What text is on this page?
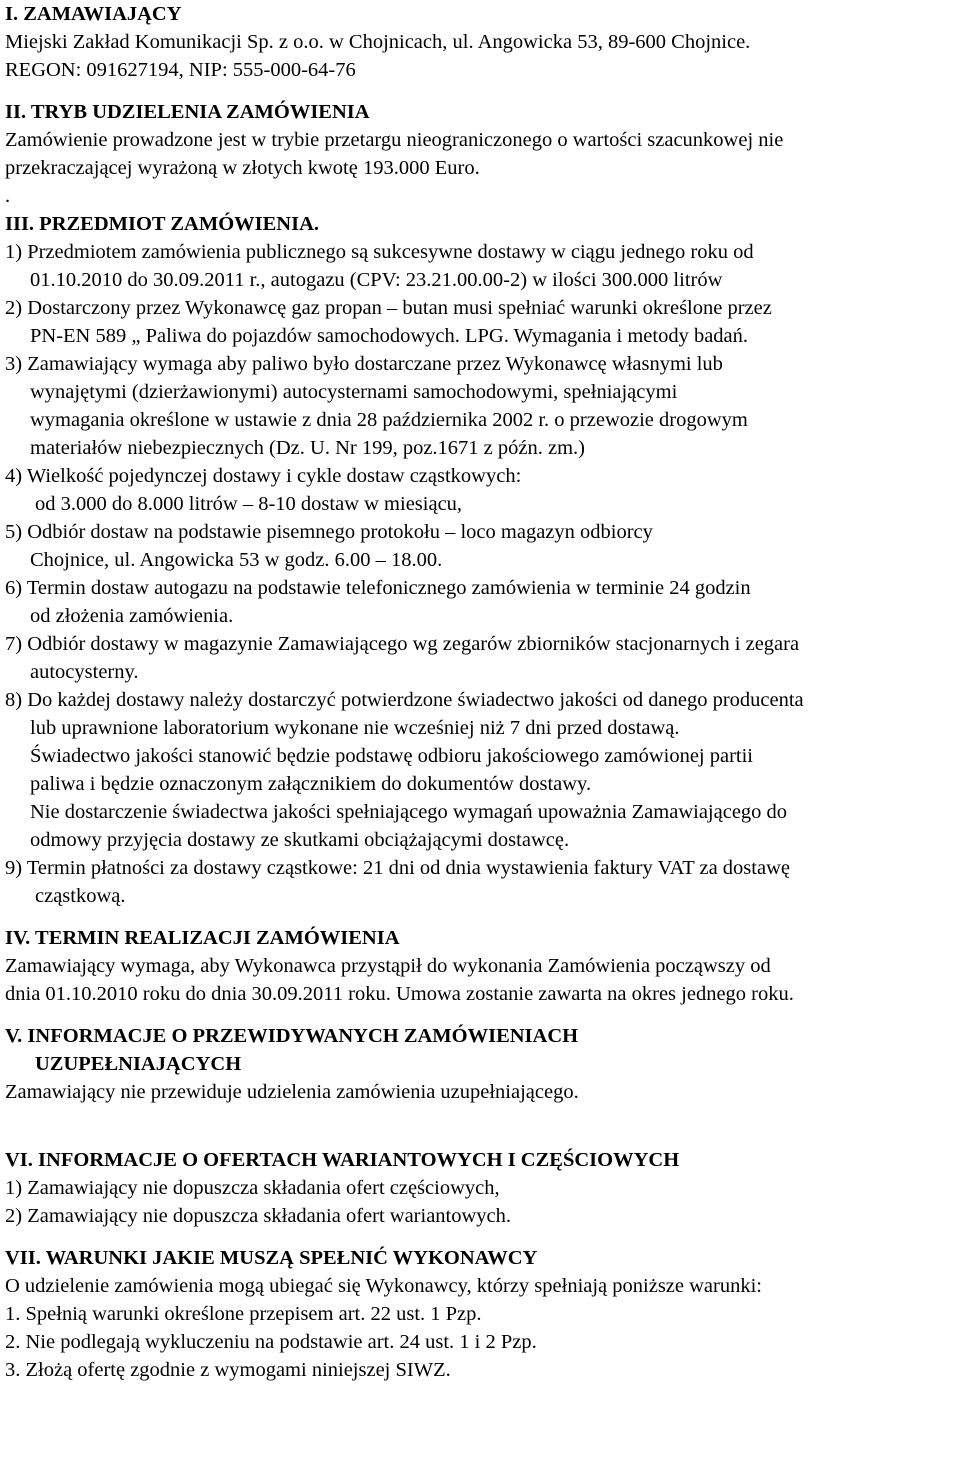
I. ZAMAWIAJĄCY
Miejski Zakład Komunikacji Sp. z o.o. w Chojnicach, ul. Angowicka 53, 89-600 Chojnice.
REGON: 091627194, NIP: 555-000-64-76
II. TRYB UDZIELENIA ZAMÓWIENIA
Zamówienie prowadzone jest w trybie przetargu nieograniczonego o wartości szacunkowej nie
przekraczającej wyrażoną w złotych kwotę 193.000 Euro.
.
III. PRZEDMIOT ZAMÓWIENIA.
1) Przedmiotem zamówienia publicznego są sukcesywne dostawy w ciągu jednego roku od
01.10.2010 do 30.09.2011 r., autogazu (CPV: 23.21.00.00-2) w ilości 300.000 litrów
2) Dostarczony przez Wykonawcę gaz propan – butan musi spełniać warunki określone przez
PN-EN 589 „ Paliwa do pojazdów samochodowych. LPG. Wymagania i metody badań.
3) Zamawiający wymaga aby paliwo było dostarczane przez Wykonawcę własnymi lub
wynajętymi (dzierżawionymi) autocysternami samochodowymi, spełniającymi
wymagania określone w ustawie z dnia 28 października 2002 r. o przewozie drogowym
materiałów niebezpiecznych (Dz. U. Nr 199, poz.1671 z późn. zm.)
4) Wielkość pojedynczej dostawy i cykle dostaw cząstkowych:
od 3.000 do 8.000 litrów – 8-10 dostaw w miesiącu,
5) Odbiór dostaw na podstawie pisemnego protokołu – loco magazyn odbiorcy
Chojnice, ul. Angowicka 53 w godz. 6.00 – 18.00.
6) Termin dostaw autogazu na podstawie telefonicznego zamówienia w terminie 24 godzin
od złożenia zamówienia.
7) Odbiór dostawy w magazynie Zamawiającego wg zegarów zbiorników stacjonarnych i zegara
autocysterny.
8) Do każdej dostawy należy dostarczyć potwierdzone świadectwo jakości od danego producenta
lub uprawnione laboratorium wykonane nie wcześniej niż 7 dni przed dostawą.
Świadectwo jakości stanowić będzie podstawę odbioru jakościowego zamówionej partii
paliwa i będzie oznaczonym załącznikiem do dokumentów dostawy.
Nie dostarczenie świadectwa jakości spełniającego wymagań upoważnia Zamawiającego do
odmowy przyjęcia dostawy ze skutkami obciążającymi dostawcę.
9) Termin płatności za dostawy cząstkowe: 21 dni od dnia wystawienia faktury VAT za dostawę
cząstkową.
IV. TERMIN REALIZACJI ZAMÓWIENIA
Zamawiający wymaga, aby Wykonawca przystąpił do wykonania Zamówienia począwszy od
dnia 01.10.2010 roku do dnia 30.09.2011 roku. Umowa zostanie zawarta na okres jednego roku.
V. INFORMACJE O PRZEWIDYWANYCH ZAMÓWIENIACH
UZUPEŁNIAJĄCYCH
Zamawiający nie przewiduje udzielenia zamówienia uzupełniającego.
VI. INFORMACJE O OFERTACH WARIANTOWYCH I CZĘŚCIOWYCH
1) Zamawiający nie dopuszcza składania ofert częściowych,
2) Zamawiający nie dopuszcza składania ofert wariantowych.
VII. WARUNKI JAKIE MUSZĄ SPEŁNIĆ WYKONAWCY
O udzielenie zamówienia mogą ubiegać się Wykonawcy, którzy spełniają poniższe warunki:
1. Spełnią warunki określone przepisem art. 22 ust. 1 Pzp.
2. Nie podlegają wykluczeniu na podstawie art. 24 ust. 1 i 2 Pzp.
3. Złożą ofertę zgodnie z wymogami niniejszej SIWZ.
